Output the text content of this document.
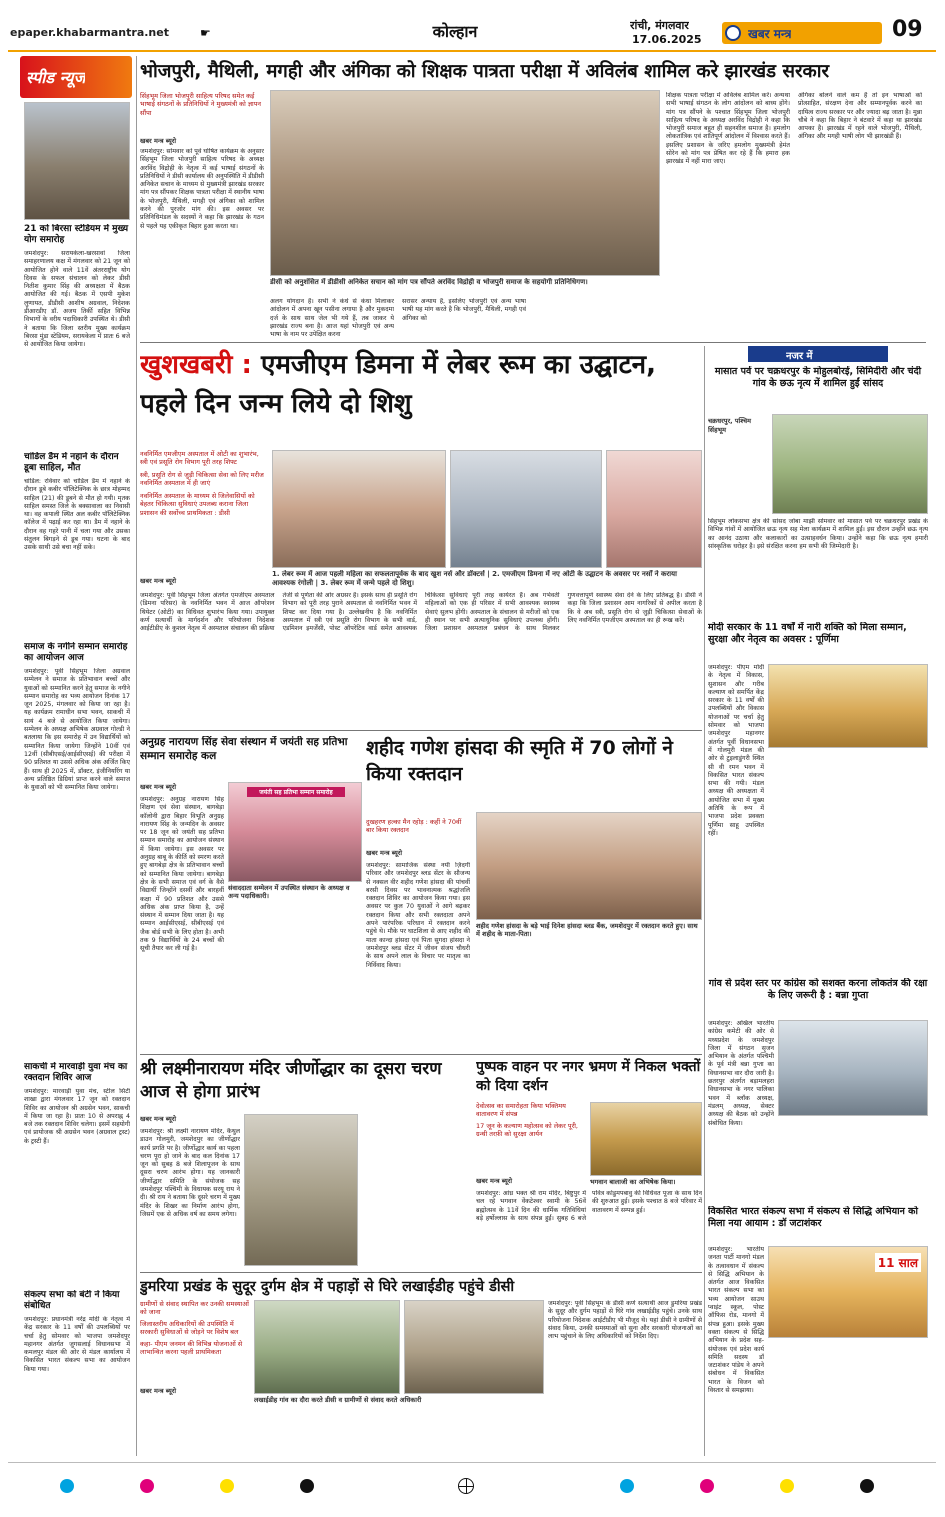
epaper.khabarmantra.net	☛	कोल्हान	रांची, मंगलवार
17.06.2025	खबर मन्त्र	09
स्पीड न्यूज
21 को बिरसा स्टेडियम में मुख्य योग समारोह
जमशेदपुर: सरायकेला-खरसावां जिला समाहरणालय कक्ष में मंगलवार को 21 जून को आयोजित होने वाले 11वें अंतरराष्ट्रीय योग दिवस के सफल संचालन को लेकर डीसी नितीश कुमार सिंह की अध्यक्षता में बैठक आयोजित की गई। बैठक में एसपी मुकेश लुणायत, डीडीसी आशीष अग्रवाल, निदेशक डीआरडीए डॉ. अजय तिर्की सहित विभिन्न विभागों के वरीय पदाधिकारी उपस्थित थे। डीसी ने बताया कि जिला स्तरीय मुख्य कार्यक्रम बिरसा मुंडा स्टेडियम, सरायकेला में प्रातः 6 बजे से आयोजित किया जायेगा।
चांडिल डैम में नहाने के दौरान डूबा साहिल, मौत
चांडिल: रविवार को चांडिल डैम में नहाने के दौरान डूबे कबीर पॉलिटेक्निक के छात्र मोहम्मद साहिल (21) की डूबने से मौत हो गयी। मृतक साहिल समस्त जिले के बक्सावाला का निवासी था। वह कपाली स्थित अल कबीर पॉलिटेक्निक कॉलेज में पढ़ाई कर रहा था। डैम में नहाने के दौरान वह गहरे पानी में चला गया और उसका संतुलन बिगड़ने से डूब गया। घटना के बाद उसके साथी उसे बचा नहीं सके।
समाज के नगीने सम्मान समारोह का आयोजन आज
जमशेदपुर: पूर्वी सिंहभूम जिला अग्रवाल सम्मेलन ने समाज के प्रतिभावान बच्चों और युवाओं को सम्मानित करने हेतु समाज के नगीने सम्मान समारोह का भव्य आयोजन दिनांक 17 जून 2025, मंगलवार को किया जा रहा है। यह कार्यक्रम रामाधीन सभा भवन, साकची में सायं 4 बजे से आयोजित किया जायेगा। सम्मेलन के अध्यक्ष अभिषेक अग्रवाल गोल्डी ने बतलाया कि इस समारोह में उन विद्यार्थियों को सम्मानित किया जायेगा जिन्होंने 10वीं एवं 12वीं (सीबीएसई/आईसीएसई) की परीक्षा में 90 प्रतिशत या उससे अधिक अंक अर्जित किए हैं। साथ ही 2025 में, डॉक्टर, इंजीनियरिंग या अन्य प्रतिष्ठित डिग्रियां प्राप्त करने वाले समाज के युवाओं को भी सम्मानित किया जायेगा।
साकची में मारवाड़ी युवा मंच का रक्तदान शिविर आज
जमशेदपुर: मारवाड़ी युवा मंच, स्टील सिटी शाखा द्वारा मंगलवार 17 जून को रक्तदान शिविर का आयोजन श्री अग्रसेन भवन, साकची में किया जा रहा है। प्रातः 10 से अपराह्न 4 बजे तक रक्तदान शिविर चलेगा। इसमें सहयोगी एवं प्रायोजक श्री अग्रसेन भवन (अग्रवाल ट्रस्ट) के ट्रस्टी हैं।
संकल्प सभा को बंटी ने किया संबोधित
जमशेदपुर: प्रधानमंत्री नरेंद्र मोदी के नेतृत्व में केंद्र सरकार के 11 वर्षों की उपलब्धियों पर चर्चा हेतु सोमवार को भाजपा जमशेदपुर महानगर अंतर्गत जुगसलाई विधानसभा में कमलपुर मंडल की ओर से मंडल कार्यालय में विकसित भारत संकल्प सभा का आयोजन किया गया।
भोजपुरी, मैथिली, मगही और अंगिका को शिक्षक पात्रता परीक्षा में अविलंब शामिल करे झारखंड सरकार
सिंहभूम जिला भोजपुरी साहित्य परिषद समेत कई भाषाई संगठनों के प्रतिनिधियों ने मुख्यमंत्री को ज्ञापन सौंपा
खबर मन्त्र ब्यूरो
जमशेदपुर: सोमवार को पूर्व घोषित कार्यक्रम के अनुसार सिंहभूम जिला भोजपुरी साहित्य परिषद के अध्यक्ष अरविंद विद्रोही के नेतृत्व में कई भाषाई संगठनों के प्रतिनिधियों ने डीसी कार्यालय की अनुपस्थिति में डीडीसी अनिकेत सचान के माध्यम से मुख्यमंत्री झारखंड सरकार मांग पत्र सौंपकर शिक्षक पात्रता परीक्षा में स्थानीय भाषा के भोजपुरी, मैथिली, मगही एवं अंगिका को शामिल करने की पुरजोर मांग की। इस अवसर पर प्रतिनिधिमंडल के सदस्यों ने कहा कि झारखंड के गठन से पहले यह एकीकृत बिहार हुआ करता था।
डीसी को अनुशंसित में डीडीसी अनिकेत सचान को मांग पत्र सौंपते अरविंद विद्रोही व भोजपुरी समाज के सहयोगी प्रतिनिधिगण।
अलग योगदान है। सभी ने कंधे से कंधा मिलाकर आंदोलन में अपना खून पसीना लगाया है और मुकदमा दर्ज के साथ साथ जेल भी गये हैं, तब जाकर ये झारखंड राज्य बना है। आज यहां भोजपुरी एवं अन्य भाषा के नाम पर उपेक्षित करना
सरासर अन्याय है, इसलिए भोजपुरी एवं अन्य भाषा भाषी यह मांग करते है कि भोजपुरी, मैथिली, मगही एवं अंगिका को
शिक्षक पात्रता परीक्षा में अविलंब शामिल करें। अन्यथा सभी भाषाई संगठन के लोग आंदोलन को बाध्य होंगे। मांग पत्र सौंपने के पश्चात सिंहभूम जिला भोजपुरी साहित्य परिषद के अध्यक्ष अरविंद विद्रोही ने कहा कि भोजपुरी समाज बहुत ही सहनशील समाज है। हमलोग लोकतांत्रिक एवं शांतिपूर्ण आंदोलन में विश्वास करते हैं। इसलिए प्रशासन के जरिए हमलोग मुख्यमंत्री हेमंत सोरेन को मांग पत्र प्रेषित कर रहे हैं कि हमारा हक झारखंड में नहीं मारा जाए।
अंगिका बोलने वाले कम है तो इन भाषाओं को प्रोत्साहित, संरक्षण देना और सम्मानपूर्वक करने का दायित्व राज्य सरकार पर और ज्यादा बढ़ जाता है। मुन्ना चौबे ने कहा कि बिहार ने बंटवारे में कहा था झारखंड आपका है। झारखंड में रहने वाले भोजपुरी, मैथिली, अंगिका और मगही भाषी लोग भी झारखंडी हैं।
खुशखबरी : एमजीएम डिमना में लेबर रूम का उद्घाटन, पहले दिन जन्म लिये दो शिशु
नवनिर्मित एमजीएम अस्पताल में ओटी का शुभारंभ, स्त्री एवं प्रसूति रोग विभाग पूरी तरह शिफ्ट
स्त्री, प्रसूति रोग से जुड़ी चिकित्सा सेवा को लिए मरीज नवनिर्मित अस्पताल में ही जाएं
नवनिर्मित अस्पताल के माध्यम से जिलेवासियों को बेहतर चिकित्सा सुविधाएं उपलब्ध कराना जिला प्रशासन की सर्वोच्च प्राथमिकता : डीसी
1. लेबर रूम में आज पहली महिला का सफलतापूर्वक के बाद खुश नर्स और डॉक्टर्स | 2. एमजीएम डिमना में नए ओटी के उद्घाटन के अवसर पर नर्सों ने कराया आवश्यक रंगोली | 3. लेबर रूम में जन्मे पहले दो शिशु।
खबर मन्त्र ब्यूरो
जमशेदपुर: पूर्वी सिंहभूम जिला अंतर्गत एमजीएम अस्पताल (डिमना परिसर) के नवनिर्मित भवन में आज ऑपरेशन थियेटर (ओटी) का विधिवत शुभारंभ किया गया। उपायुक्त कर्ण सत्यार्थी के मार्गदर्शन और परियोजना निदेशक आईटीडीए के कुशल नेतृत्व में अस्पताल संचालन की प्रक्रिया तेजी से पूर्णता की ओर अग्रसर है। इसके साथ ही प्रसूति रोग विभाग को पूरी तरह पुराने अस्पताल से नवनिर्मित भवन में शिफ्ट कर दिया गया है। उल्लेखनीय है कि नवनिर्मित अस्पताल में स्त्री एवं प्रसूति रोग विभाग के सभी वार्ड, एडमिशन इमर्जेंसी, पोस्ट ऑपरेटिव वार्ड समेत आवश्यक चिकित्सा सुविधाएं पूरी तरह कार्यरत हैं। अब गर्भवती महिलाओं को एक ही परिसर में सभी आवश्यक स्वास्थ्य सेवाएं सुलभ होंगी। अस्पताल के संचालन से मरीजों को एक ही स्थान पर सभी अत्याधुनिक सुविधाएं उपलब्ध होंगी। जिला प्रशासन अस्पताल प्रबंधन के साथ मिलकर गुणवत्तापूर्ण स्वास्थ्य सेवा देने के लिए प्रतिबद्ध है। डीसी ने कहा कि जिला प्रशासन आम नागरिकों से अपील करता है कि वे अब स्त्री, प्रसूति रोग से जुड़ी चिकित्सा सेवाओं के लिए नवनिर्मित एमजीएम अस्पताल का ही रूख करें।
नजर में
मासात पर्व पर चक्रधरपुर के मोहुलबोरई, सिमिदीरी और चंदी गांव के छऊ नृत्य में शामिल हुईं सांसद
चक्रधरपुर, पश्चिम सिंहभूम
सिंहभूम लोकसभा क्षेत्र की सांसद जोबा माझी सोमवार को मासात पर्व पर चक्रधरपुर प्रखंड के विभिन्न गांवों में आयोजित छऊ नृत्य सह मेला कार्यक्रम में शामिल हुईं। इस दौरान उन्होंने छऊ नृत्य का आनंद उठाया और कलाकारों का उत्साहवर्धन किया। उन्होंने कहा कि छऊ नृत्य हमारी सांस्कृतिक धरोहर है। इसे संरक्षित करना हम सभी की जिम्मेदारी है।
मोदी सरकार के 11 वर्षों में नारी शक्ति को मिला सम्मान, सुरक्षा और नेतृत्व का अवसर : पूर्णिमा
जमशेदपुर: पीएम मोदी के नेतृत्व में विकास, सुशासन और गरीब कल्याण को समर्पित केंद्र सरकार के 11 वर्षों की उपलब्धियों और विकास योजनाओं पर चर्चा हेतु सोमवार को भाजपा जमशेदपुर महानगर अंतर्गत पूर्वी विधानसभा में गोलमुरी मंडल की ओर से टुइलाडुंगरी स्थित सी वी रमन भवन में विकसित भारत संकल्प सभा की गयी। मंडल अध्यक्ष की अध्यक्षता में आयोजित सभा में मुख्य अतिथि के रूप में भाजपा प्रदेश प्रवक्ता पूर्णिमा साहू उपस्थित रहीं।
गांव से प्रदेश स्तर पर कांग्रेस को सशक्त करना लोकतंत्र की रक्षा के लिए जरूरी है : बन्ना गुप्ता
जमशेदपुर: अखिल भारतीय कांग्रेस कमेटी की ओर से मध्यप्रदेश के जमशेदपुर जिला में संगठन सृजन अभियान के अंतर्गत पश्चिमी के पूर्व मंत्री बन्ना गुप्ता का विधानसभा वार दौरा जारी है। छतरपुर अंतर्गत बड़ामलहरा विधानसभा के नगर पालिका भवन में ब्लॉक अध्यक्ष, मंडलम् अध्यक्ष, सेक्टर अध्यक्ष की बैठक को उन्होंने संबोधित किया।
विकसित भारत संकल्प सभा में संकल्प से सिद्धि अभियान को मिला नया आयाम : डॉ जटाशंकर
11 साल
जमशेदपुर: भारतीय जनता पार्टी मानगो मंडल के तत्वावधान में संकल्प से सिद्धि अभियान के अंतर्गत आज विकसित भारत संकल्प सभा का भव्य आयोजन साउथ प्वाइंट स्कूल, पोस्ट ऑफिस रोड, मानगो में संपन्न हुआ। इसके मुख्य वक्ता संकल्प से सिद्धि अभियान के प्रदेश सह-संयोजक एवं प्रदेश कार्य समिति सदस्य डॉ जटाशंकर पांडेय ने अपने संबोधन में विकसित भारत के विजन को विस्तार से समझाया।
अनुग्रह नारायण सिंह सेवा संस्थान में जयंती सह प्रतिभा सम्मान समारोह कल
जयंती सह प्रतिभा सम्मान समारोह
संवाददाता सम्मेलन में उपस्थित संस्थान के अध्यक्ष व अन्य पदाधिकारी।
खबर मन्त्र ब्यूरो
जमशेदपुर: अनुग्रह नारायण सिंह शिक्षण एवं सेवा संस्थान, बागबेड़ा कॉलोनी द्वारा बिहार विभूति अनुग्रह नारायण सिंह के जन्मदिन के अवसर पर 18 जून को जयंती सह प्रतिभा सम्मान समारोह का आयोजन संस्थान में किया जायेगा। इस अवसर पर अनुग्रह बाबू के कीर्ति को स्मरण करते हुए बागबेड़ा क्षेत्र के प्रतिभावान बच्चों को सम्मानित किया जायेगा। बागबेड़ा क्षेत्र के सभी समाज एवं वर्ग के वैसे विद्यार्थी जिन्होंने दसवीं और बारहवीं कक्षा में 90 प्रतिशत और उससे अधिक अंक प्राप्त किया है, उन्हें संस्थान में सम्मान दिया जाता है। यह सम्मान आईसीएसई, सीबीएसई एवं जैक बोर्ड सभी के लिए होता है। अभी तक 9 विद्यार्थियों के 24 बच्चों की सूची तैयार कर ली गई है।
शहीद गणेश हांसदा की स्मृति में 70 लोगों ने किया रक्तदान
दुखहरण हल्का मैन रहोड़ : कहीं ने 70वीं बार किया रक्तदान
खबर मन्त्र ब्यूरो
जमशेदपुर: सामाजिक संस्था नयी ज़िंदगी परिवार और जमशेदपुर ब्लड सेंटर के सौजन्य से नक्सल वीर शहीद गणेश हांसदा की पांचवीं बरसी दिवस पर भावनात्मक श्रद्धांजलि रक्तदान शिविर का आयोजन किया गया। इस अवसर पर कुल 70 युवाओं ने आगे बढ़कर रक्तदान किया और सभी रक्तदाता अपने अपने पारंपरिक परिधान में रक्तदान करने पहुंचे थे। मौके पर घाटशिला से आए शहीद की माता कान्दा हांसदा एवं पिता सुगदा हांसदा ने जमशेदपुर ब्लड सेंटर में जीवन संजय चौधरी के साथ अपने लाल के विचार पर मातृत्व का निर्विवाद किया।
शहीद गणेश हांसदा के बड़े भाई दिनेश हांसदा ब्लड बैंक, जमशेदपुर में रक्तदान करते हुए। साथ में शहीद के माता-पिता।
श्री लक्ष्मीनारायण मंदिर जीर्णोद्धार का दूसरा चरण आज से होगा प्रारंभ
खबर मन्त्र ब्यूरो
जमशेदपुर: श्री लक्ष्मी नारायण मंदिर, कैथुल डाउन गोलमुरी, जमशेदपुर का जीर्णोद्धार कार्य प्रगति पर है। जीर्णोद्धार कार्य का पहला चरण पूरा हो जाने के बाद कल दिनांक 17 जून को सुबह 8 बजे शिलापूजन के साथ दूसरा चरण आरंभ होगा। यह जानकारी जीर्णोद्धार समिति के संयोजक सह जमशेदपुर पश्चिमी के विधायक सरयू राय ने दी। श्री राय ने बताया कि दूसरे चरण में मुख्य मंदिर के शिखर का निर्माण आरंभ होगा, जिसमें एक से अधिक वर्ष का समय लगेगा।
पुष्पक वाहन पर नगर भ्रमण में निकल भक्तों को दिया दर्शन
देवोत्सव का समारोहता किया भक्तिमय वातावरण में संपन्न
17 जून के कल्याण महोत्सव को लेकर पूरी, ग्रन्थी तरफ़ी को सुरक्षा आर्यन
भगवान बालाजी का अभिषेक किया।
खबर मन्त्र ब्यूरो
जमशेदपुर: आंध्र भक्त श्री राम मंदिर, बिष्टुपुर में चल रहे भगवान वेंकटेश्वर स्वामी के 56वें ब्रह्मोत्सव के 11वें दिन की धार्मिक गतिविधियां बड़े हर्षोल्लास के साथ संपन्न हुईं। सुबह 6 बजे पवित्र कोडुमपबावु की विधिवत पूजा के साथ दिन की शुरुआत हुई। इसके पश्चात 8 बजे परिवार में वातावरण में सम्पन्न हुई।
डुमरिया प्रखंड के सुदूर दुर्गम क्षेत्र में पहाड़ों से घिरे लखाईडीह पहुंचे डीसी
ग्रामीणों से संवाद स्थापित कर उनकी समस्याओं को जाना
जिलास्तरीय अधिकारियों की उपस्थिति में सरकारी सुविधाओं से जोड़ने पर विशेष बल
कहा- पीएम जनमन की विभिन्न योजनाओं से लाभान्वित करना पहली प्राथमिकता
लखाईडीह गांव का दौरा करते डीसी व ग्रामीणों से संवाद करते अधिकारी
खबर मन्त्र ब्यूरो
जमशेदपुर: पूर्वी सिंहभूम के डीसी कर्ण सत्यार्थी आज डुमरिया प्रखंड के सुदूर और दुर्गम पहाड़ों से घिरे गांव लखाईडीह पहुंचे। उनके साथ परियोजना निदेशक आईटीडीए भी मौजूद थे। यहां डीसी ने ग्रामीणों से संवाद किया, उनकी समस्याओं को सुना और सरकारी योजनाओं का लाभ पहुंचाने के लिए अधिकारियों को निर्देश दिए।
